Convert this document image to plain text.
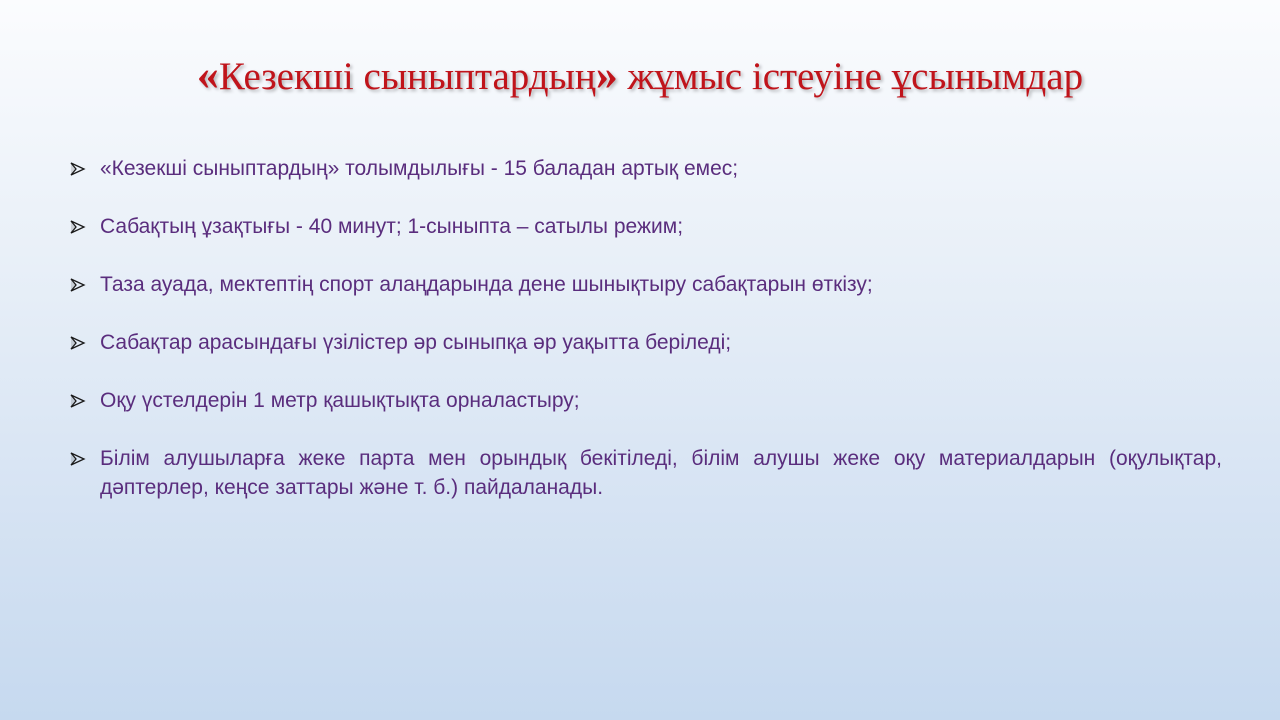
«Кезекші сыныптардың» жұмыс істеуіне ұсынымдар
«Кезекші сыныптардың» толымдылығы - 15 баладан артық емес;
Сабақтың ұзақтығы - 40 минут; 1-сыныпта – сатылы режим;
Таза ауада, мектептің спорт алаңдарында дене шынықтыру сабақтарын өткізу;
Сабақтар арасындағы үзілістер әр сыныпқа әр уақытта беріледі;
Оқу үстелдерін 1 метр қашықтықта орналастыру;
Білім алушыларға жеке парта мен орындық бекітіледі, білім алушы жеке оқу материалдарын (оқулықтар, дәптерлер, кеңсе заттары және т. б.) пайдаланады.
